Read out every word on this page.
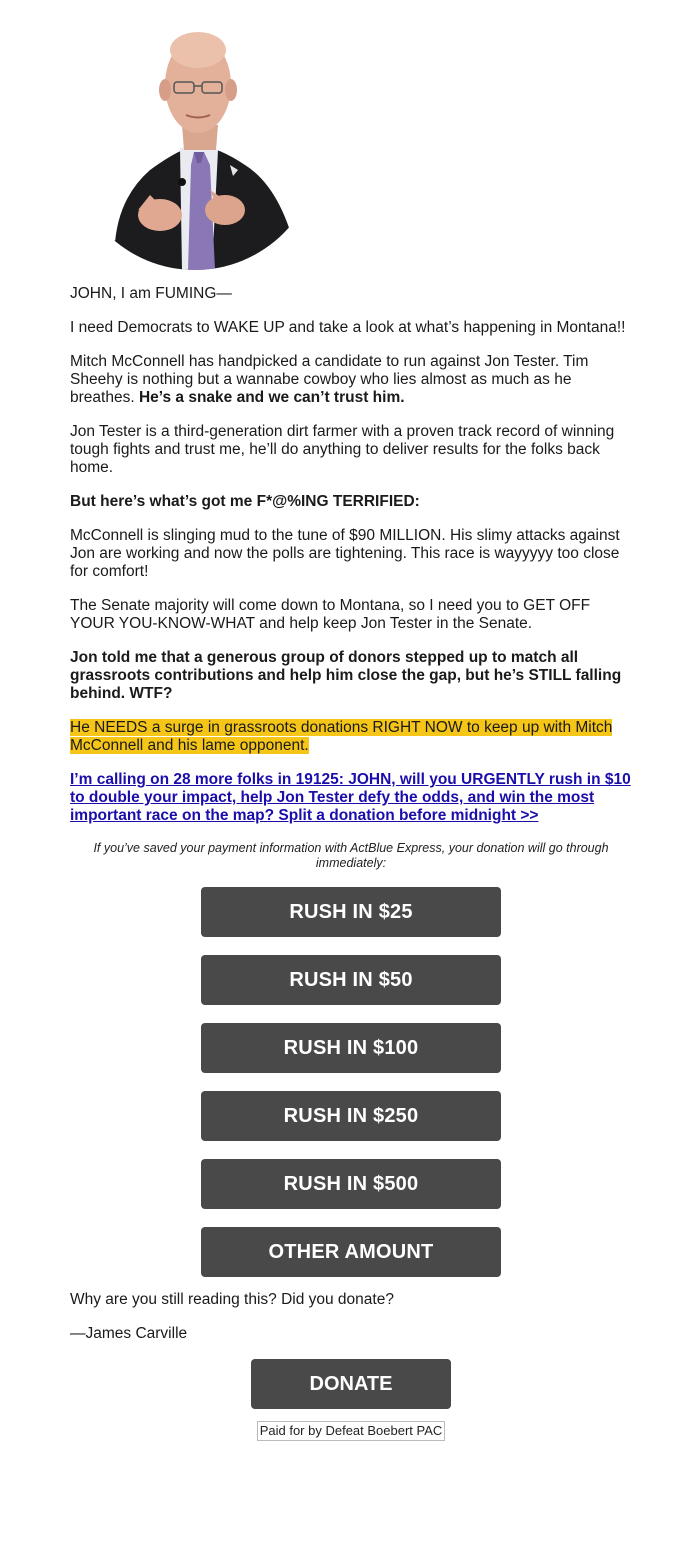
JOHN, I am FUMING—

I need Democrats to WAKE UP and take a look at what’s happening in Montana!!

Mitch McConnell has handpicked a candidate to run against Jon Tester. Tim Sheehy is nothing but a wannabe cowboy who lies almost as much as he breathes. He’s a snake and we can’t trust him.

Jon Tester is a third-generation dirt farmer with a proven track record of winning tough fights and trust me, he’ll do anything to deliver results for the folks back home.

But here’s what’s got me F*@%ING TERRIFIED:

McConnell is slinging mud to the tune of $90 MILLION. His slimy attacks against Jon are working and now the polls are tightening. This race is wayyyyy too close for comfort!

The Senate majority will come down to Montana, so I need you to GET OFF YOUR YOU-KNOW-WHAT and help keep Jon Tester in the Senate.

Jon told me that a generous group of donors stepped up to match all grassroots contributions and help him close the gap, but he’s STILL falling behind. WTF?

He NEEDS a surge in grassroots donations RIGHT NOW to keep up with Mitch McConnell and his lame opponent.

I’m calling on 28 more folks in 19125: JOHN, will you URGENTLY rush in $10 to double your impact, help Jon Tester defy the odds, and win the most important race on the map? Split a donation before midnight >>

If you’ve saved your payment information with ActBlue Express, your donation will go through immediately:

RUSH IN $25
RUSH IN $50
RUSH IN $100
RUSH IN $250
RUSH IN $500
OTHER AMOUNT

Why are you still reading this? Did you donate?

—James Carville

DONATE
Paid for by Defeat Boebert PAC
